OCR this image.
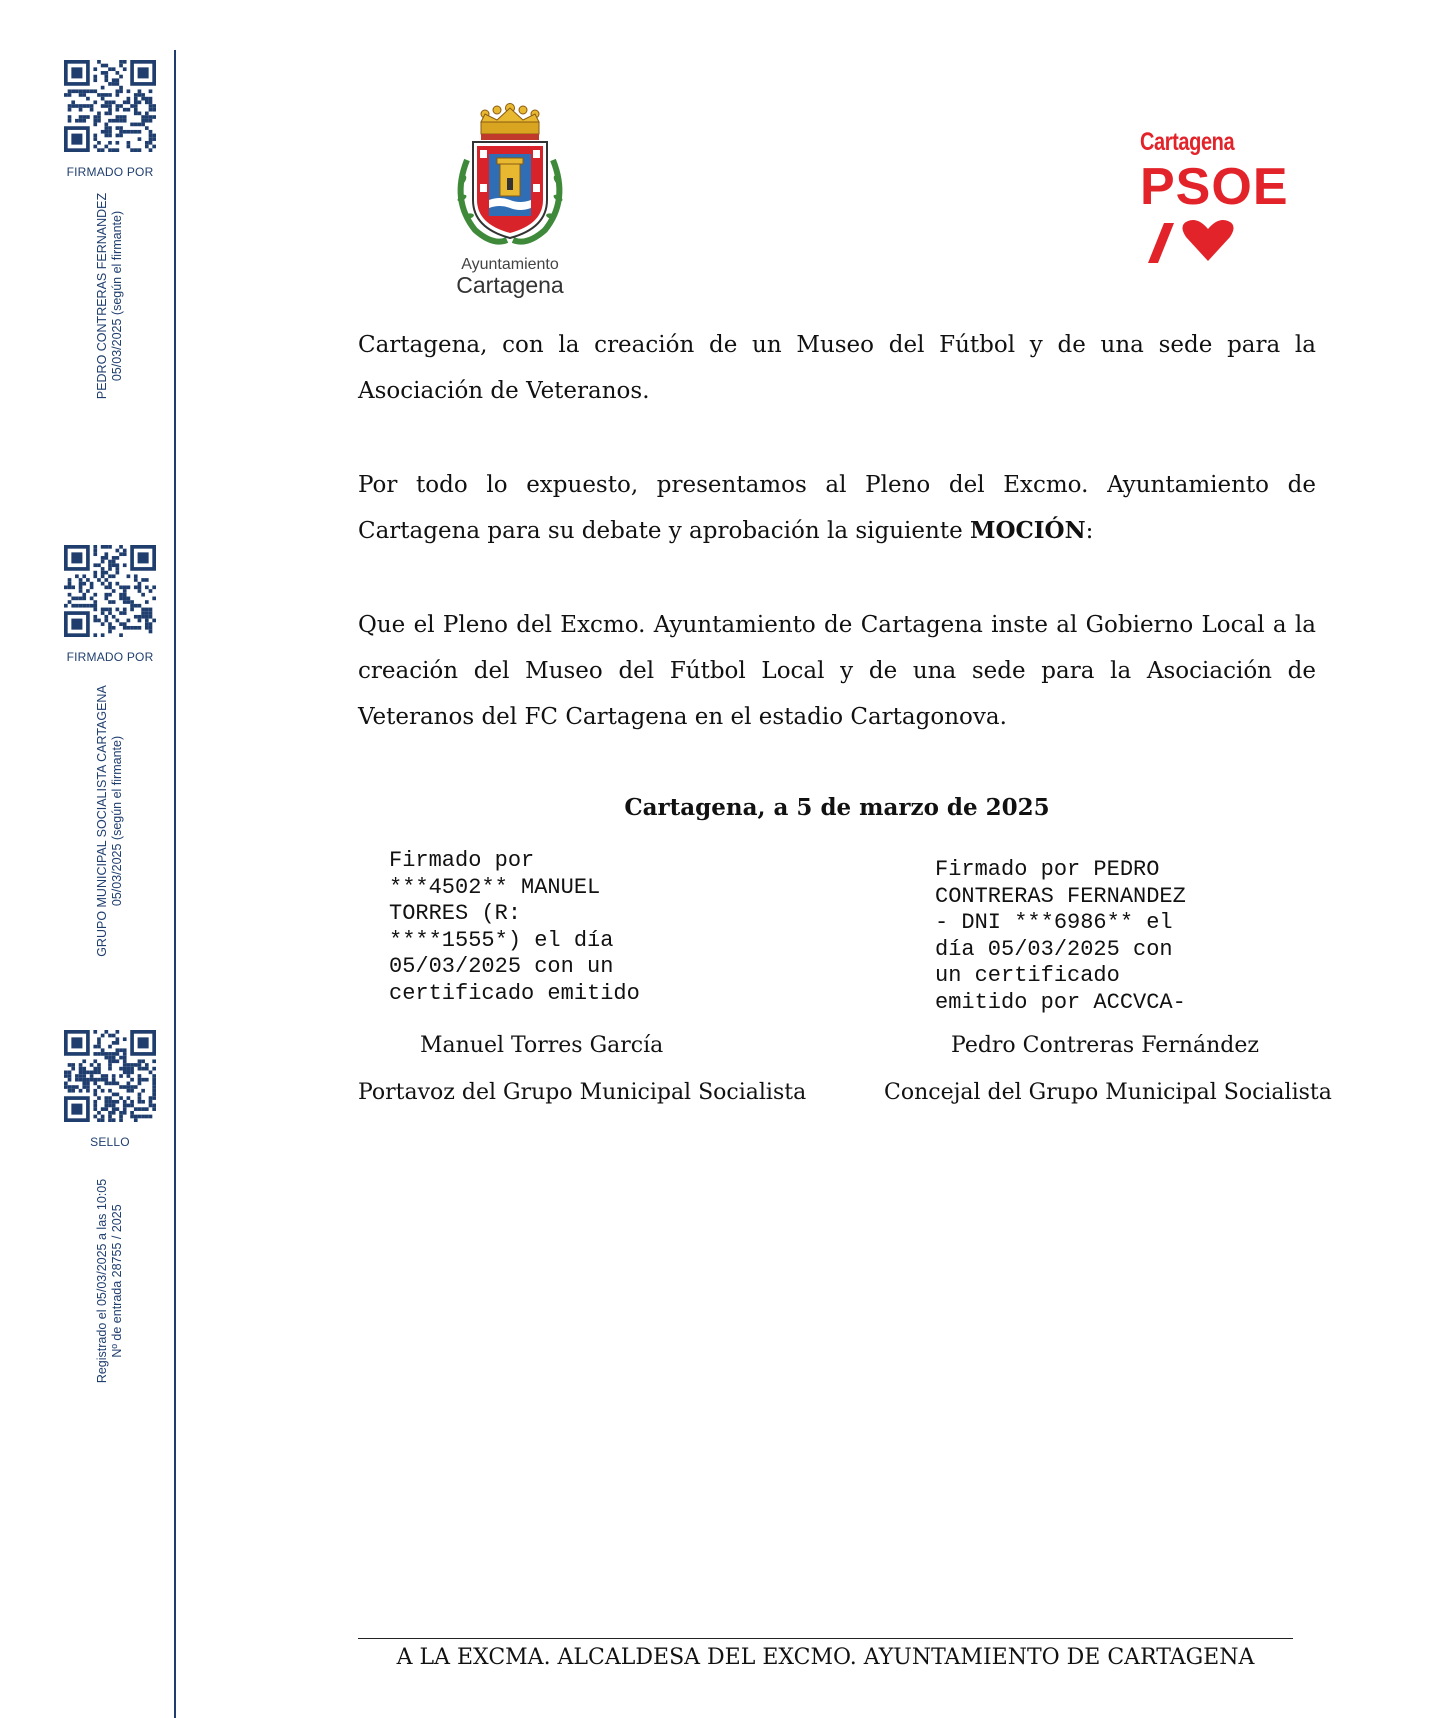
FIRMADO POR
PEDRO CONTRERAS FERNANDEZ 05/03/2025 (según el firmante)
FIRMADO POR
GRUPO MUNICIPAL SOCIALISTA CARTAGENA 05/03/2025 (según el firmante)
SELLO
Registrado el 05/03/2025 a las 10:05 Nº de entrada 28755 / 2025
Ayuntamiento
Cartagena
Cartagena
PSOE

Cartagena, con la creación de un Museo del Fútbol y de una sede para la Asociación de Veteranos.

Por todo lo expuesto, presentamos al Pleno del Excmo. Ayuntamiento de Cartagena para su debate y aprobación la siguiente MOCIÓN:

Que el Pleno del Excmo. Ayuntamiento de Cartagena inste al Gobierno Local a la creación del Museo del Fútbol Local y de una sede para la Asociación de Veteranos del FC Cartagena en el estadio Cartagonova.

Cartagena, a 5 de marzo de 2025
Firmado por
***4502** MANUEL
TORRES (R:
****1555*) el día
05/03/2025 con un
certificado emitido
Firmado por PEDRO
CONTRERAS FERNANDEZ
- DNI ***6986** el
día 05/03/2025 con
un certificado
emitido por ACCVCA-
Manuel Torres García
Portavoz del Grupo Municipal Socialista
Pedro Contreras Fernández
Concejal del Grupo Municipal Socialista
A LA EXCMA. ALCALDESA DEL EXCMO. AYUNTAMIENTO DE CARTAGENA
